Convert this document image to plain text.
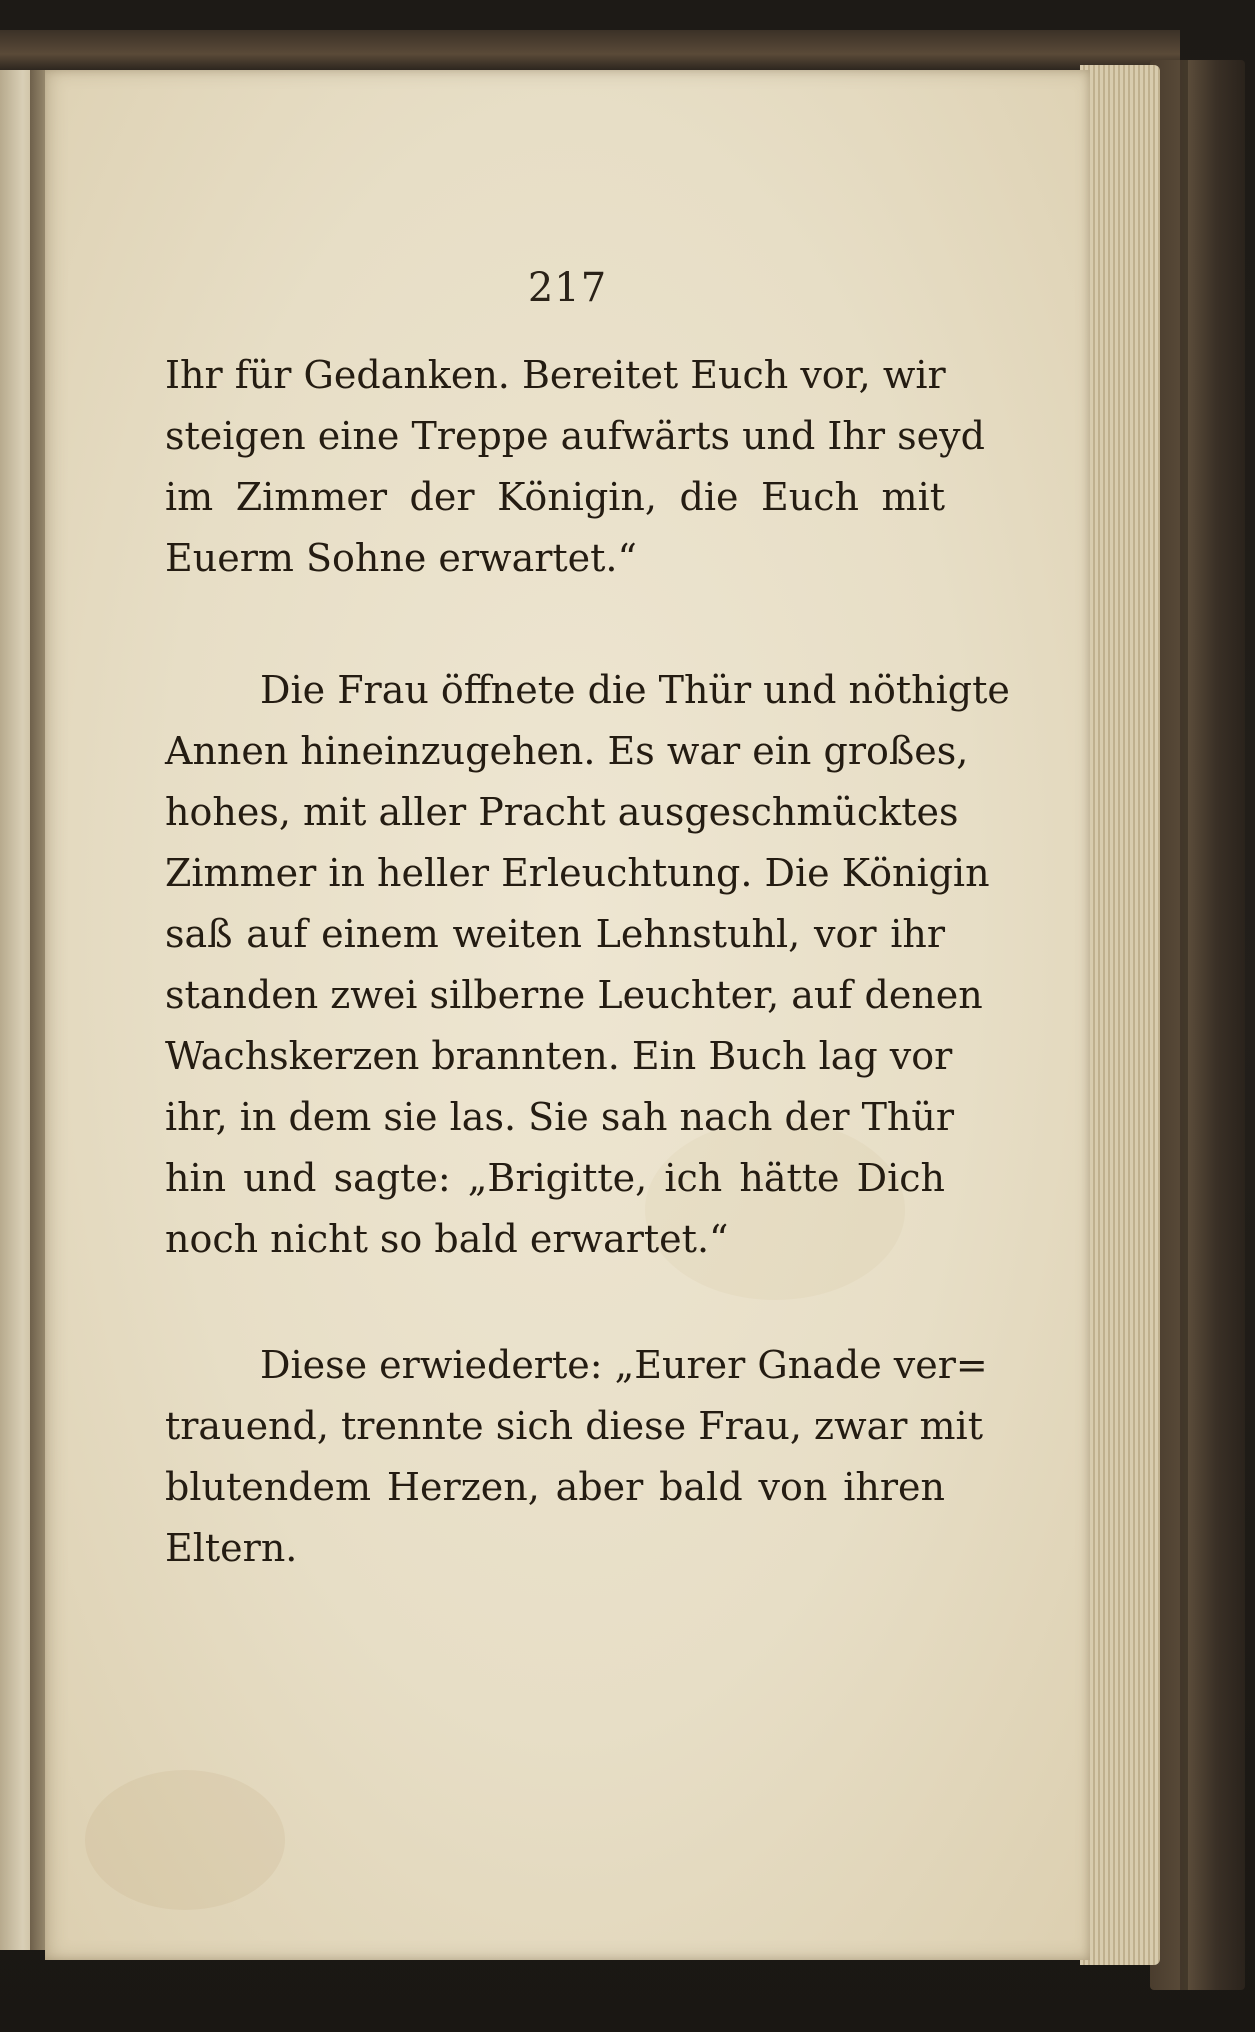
217
Ihr für Gedanken. Bereitet Euch vor, wir
steigen eine Treppe aufwärts und Ihr seyd
im Zimmer der Königin, die Euch mit
Euerm Sohne erwartet.“
Die Frau öffnete die Thür und nöthigte
Annen hineinzugehen. Es war ein großes,
hohes, mit aller Pracht ausgeschmücktes
Zimmer in heller Erleuchtung. Die Königin
saß auf einem weiten Lehnstuhl, vor ihr
standen zwei silberne Leuchter, auf denen
Wachskerzen brannten. Ein Buch lag vor
ihr, in dem sie las. Sie sah nach der Thür
hin und sagte: „Brigitte, ich hätte Dich
noch nicht so bald erwartet.“
Diese erwiederte: „Eurer Gnade ver=
trauend, trennte sich diese Frau, zwar mit
blutendem Herzen, aber bald von ihren
Eltern.
